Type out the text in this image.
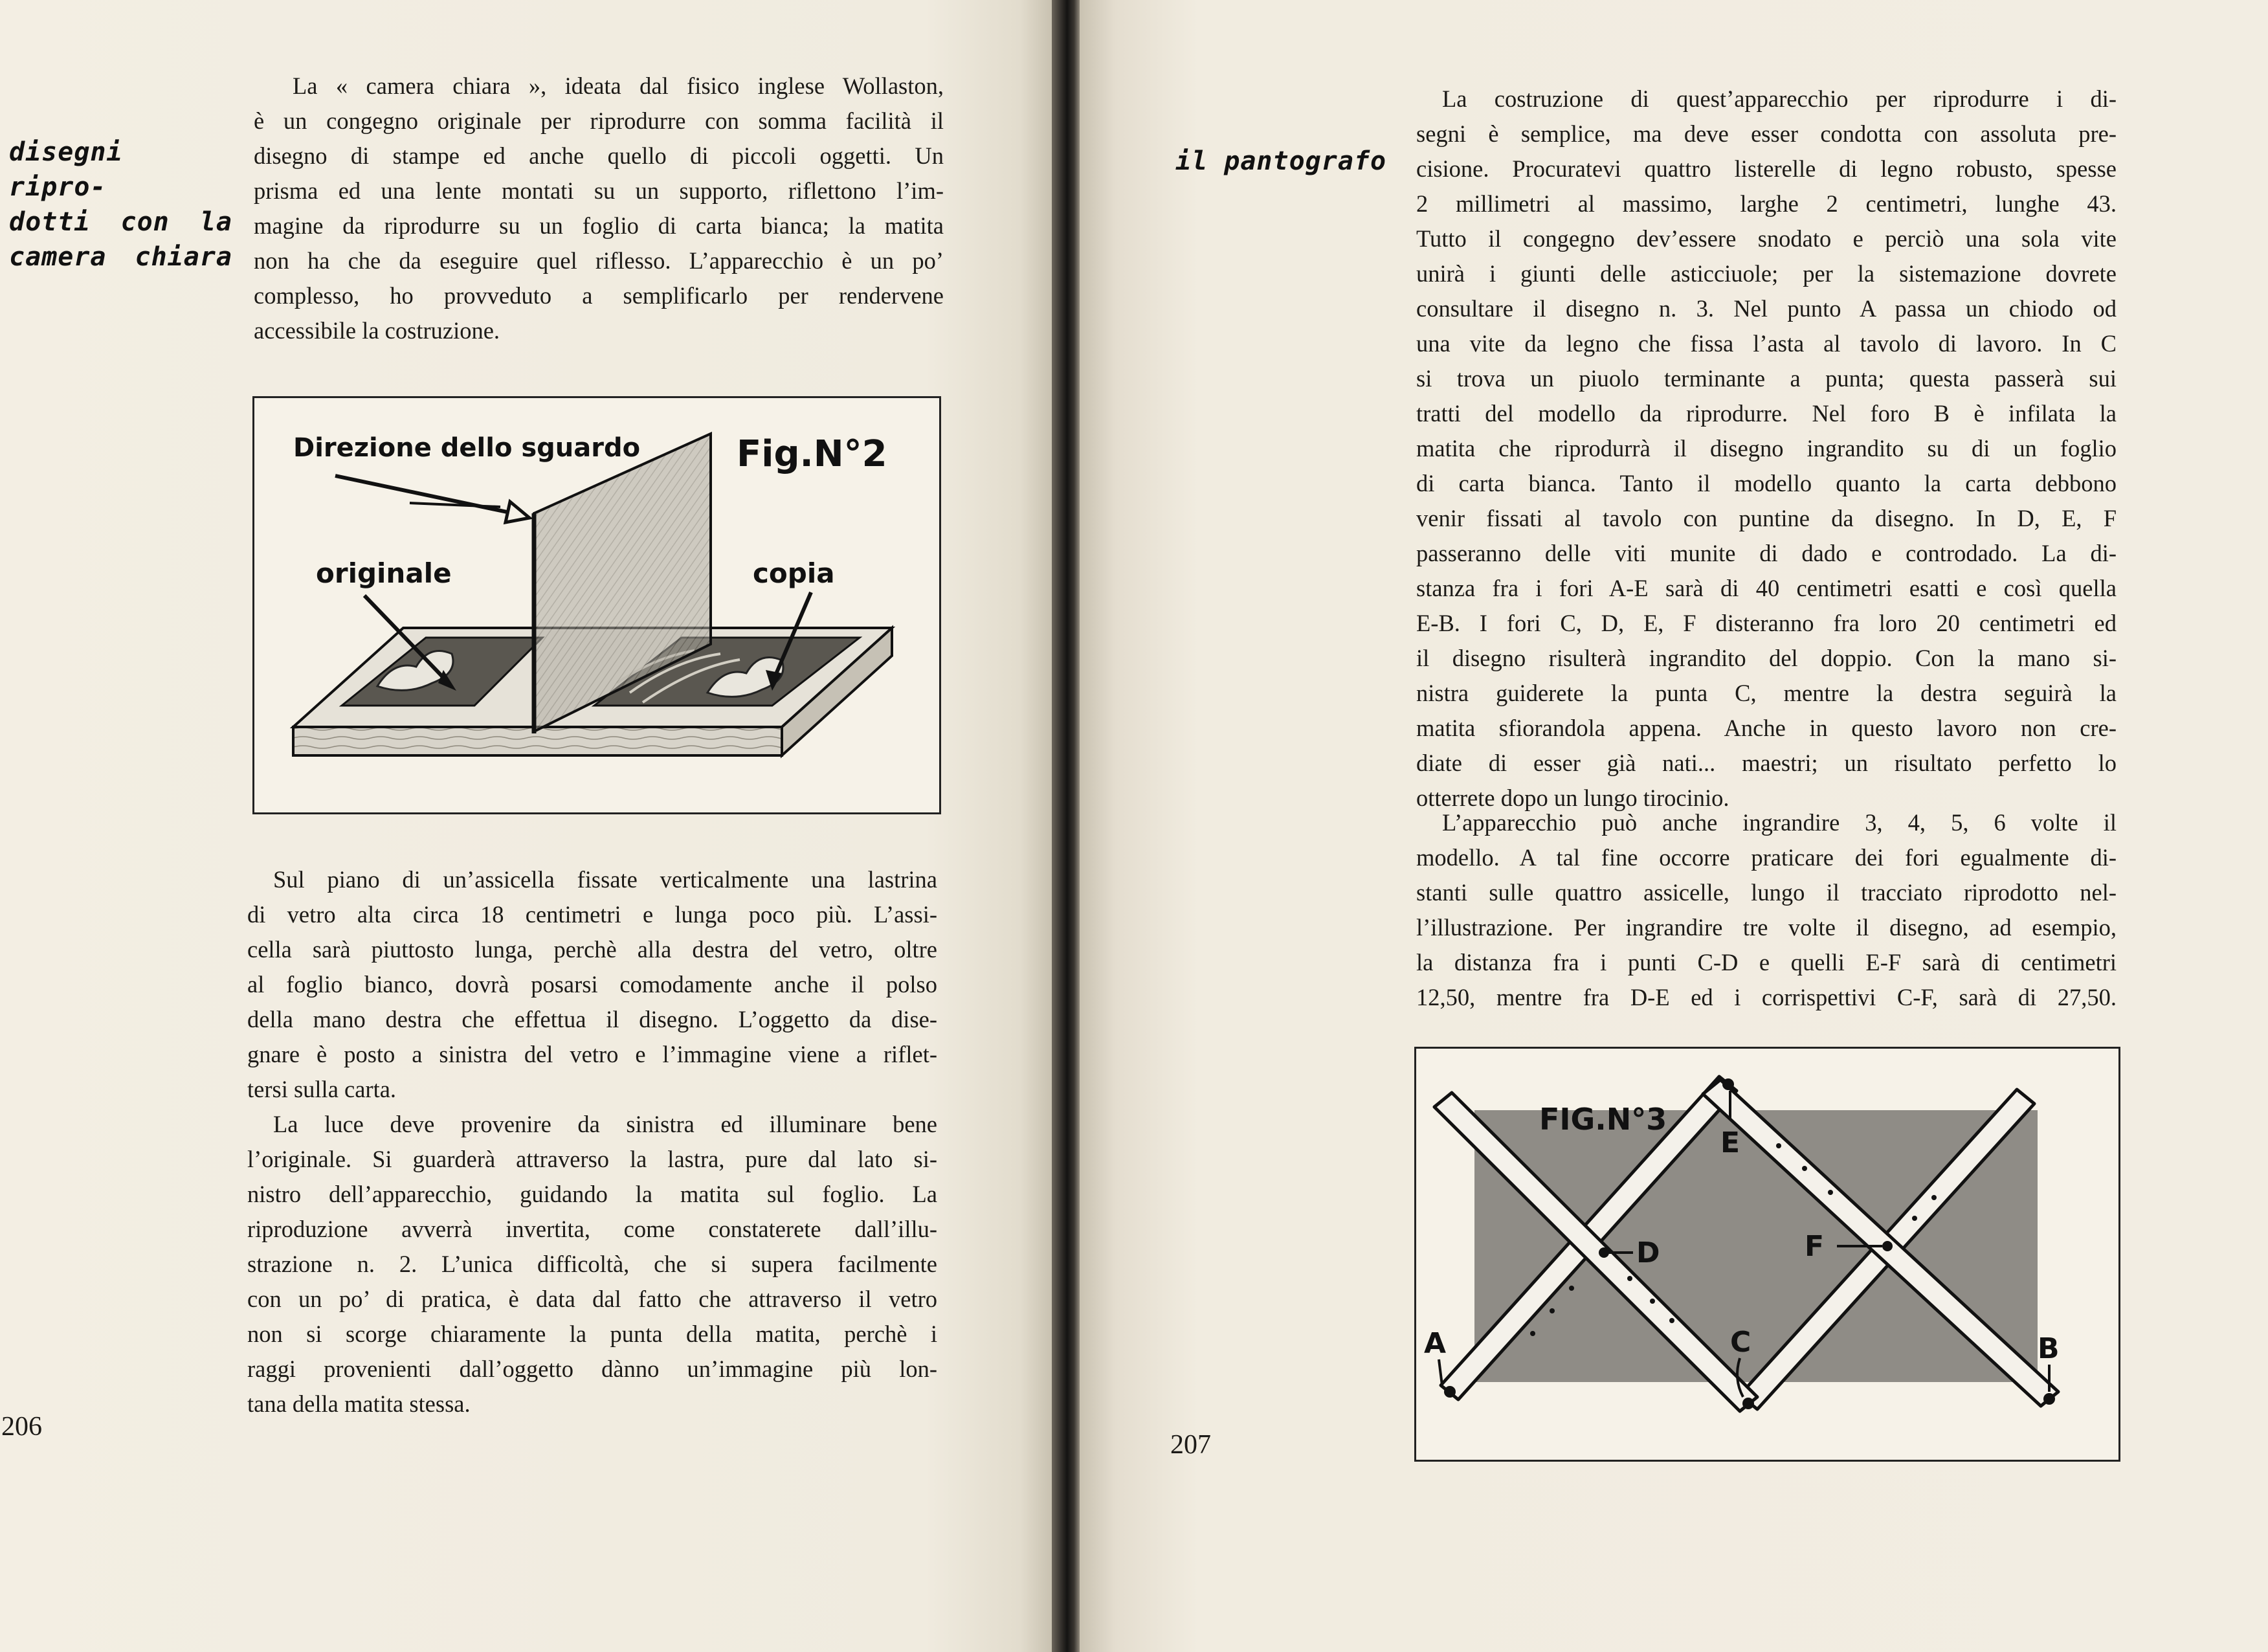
disegni ripro-
dotti con la
camera chiara
La « camera chiara », ideata dal fisico inglese Wollaston,
è un congegno originale per riprodurre con somma facilità il
disegno di stampe ed anche quello di piccoli oggetti. Un
prisma ed una lente montati su un supporto, riflettono l’im-
magine da riprodurre su un foglio di carta bianca; la matita
non ha che da eseguire quel riflesso. L’apparecchio è un po’
complesso, ho provveduto a semplificarlo per rendervene
accessibile la costruzione.
Direzione dello sguardo	Fig.N°2
originale	copia
Sul piano di un’assicella fissate verticalmente una lastrina
di vetro alta circa 18 centimetri e lunga poco più. L’assi-
cella sarà piuttosto lunga, perchè alla destra del vetro, oltre
al foglio bianco, dovrà posarsi comodamente anche il polso
della mano destra che effettua il disegno. L’oggetto da dise-
gnare è posto a sinistra del vetro e l’immagine viene a riflet-
tersi sulla carta.
La luce deve provenire da sinistra ed illuminare bene
l’originale. Si guarderà attraverso la lastra, pure dal lato si-
nistro dell’apparecchio, guidando la matita sul foglio. La
riproduzione avverrà invertita, come constaterete dall’illu-
strazione n. 2. L’unica difficoltà, che si supera facilmente
con un po’ di pratica, è data dal fatto che attraverso il vetro
non si scorge chiaramente la punta della matita, perchè i
raggi provenienti dall’oggetto dànno un’immagine più lon-
tana della matita stessa.
206
il pantografo
La costruzione di quest’apparecchio per riprodurre i di-
segni è semplice, ma deve esser condotta con assoluta pre-
cisione. Procuratevi quattro listerelle di legno robusto, spesse
2 millimetri al massimo, larghe 2 centimetri, lunghe 43.
Tutto il congegno dev’essere snodato e perciò una sola vite
unirà i giunti delle asticciuole; per la sistemazione dovrete
consultare il disegno n. 3. Nel punto A passa un chiodo od
una vite da legno che fissa l’asta al tavolo di lavoro. In C
si trova un piuolo terminante a punta; questa passerà sui
tratti del modello da riprodurre. Nel foro B è infilata la
matita che riprodurrà il disegno ingrandito su di un foglio
di carta bianca. Tanto il modello quanto la carta debbono
venir fissati al tavolo con puntine da disegno. In D, E, F
passeranno delle viti munite di dado e controdado. La di-
stanza fra i fori A-E sarà di 40 centimetri esatti e così quella
E-B. I fori C, D, E, F disteranno fra loro 20 centimetri ed
il disegno risulterà ingrandito del doppio. Con la mano si-
nistra guiderete la punta C, mentre la destra seguirà la
matita sfiorandola appena. Anche in questo lavoro non cre-
diate di esser già nati... maestri; un risultato perfetto lo
otterrete dopo un lungo tirocinio.
L’apparecchio può anche ingrandire 3, 4, 5, 6 volte il
modello. A tal fine occorre praticare dei fori egualmente di-
stanti sulle quattro assicelle, lungo il tracciato riprodotto nel-
l’illustrazione. Per ingrandire tre volte il disegno, ad esempio,
la distanza fra i punti C-D e quelli E-F sarà di centimetri
12,50, mentre fra D-E ed i corrispettivi C-F, sarà di 27,50.
FIG.N°3
A	B
C
D
E
F
207
